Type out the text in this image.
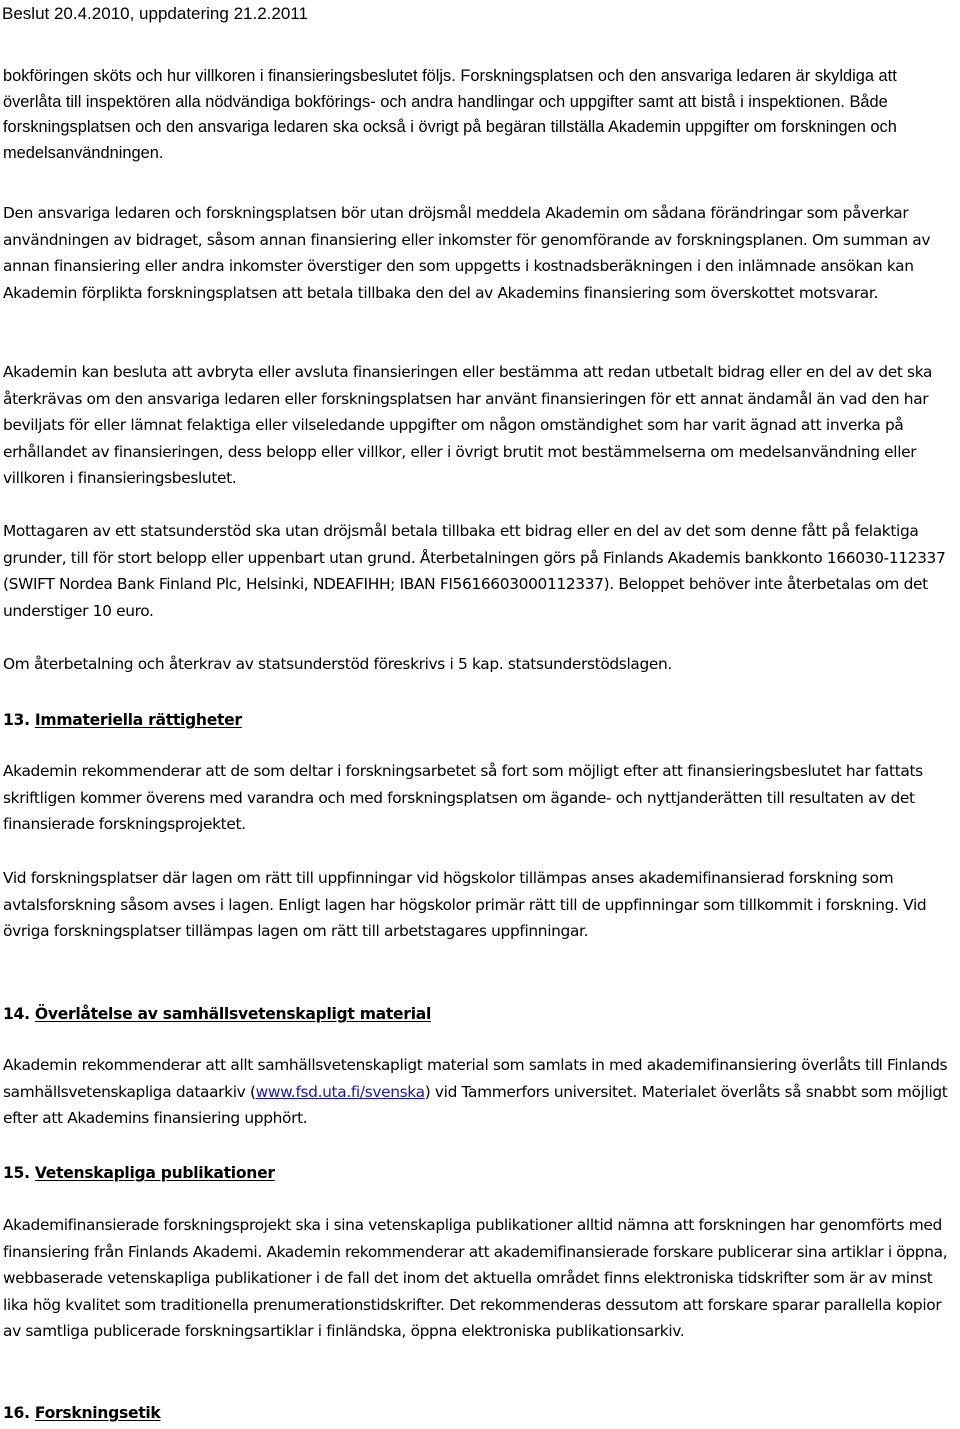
Beslut 20.4.2010, uppdatering 21.2.2011
bokföringen sköts och hur villkoren i finansieringsbeslutet följs. Forskningsplatsen och den ansvariga ledaren är skyldiga att överlåta till inspektören alla nödvändiga bokförings- och andra handlingar och uppgifter samt att bistå i inspektionen. Både forskningsplatsen och den ansvariga ledaren ska också i övrigt på begäran tillställa Akademin uppgifter om forskningen och medelsanvändningen.
Den ansvariga ledaren och forskningsplatsen bör utan dröjsmål meddela Akademin om sådana förändringar som påverkar användningen av bidraget, såsom annan finansiering eller inkomster för genomförande av forskningsplanen. Om summan av annan finansiering eller andra inkomster överstiger den som uppgetts i kostnadsberäkningen i den inlämnade ansökan kan Akademin förplikta forskningsplatsen att betala tillbaka den del av Akademins finansiering som överskottet motsvarar.
Akademin kan besluta att avbryta eller avsluta finansieringen eller bestämma att redan utbetalt bidrag eller en del av det ska återkrävas om den ansvariga ledaren eller forskningsplatsen har använt finansieringen för ett annat ändamål än vad den har beviljats för eller lämnat felaktiga eller vilseledande uppgifter om någon omständighet som har varit ägnad att inverka på erhållandet av finansieringen, dess belopp eller villkor, eller i övrigt brutit mot bestämmelserna om medelsanvändning eller villkoren i finansieringsbeslutet.
Mottagaren av ett statsunderstöd ska utan dröjsmål betala tillbaka ett bidrag eller en del av det som denne fått på felaktiga grunder, till för stort belopp eller uppenbart utan grund. Återbetalningen görs på Finlands Akademis bankkonto 166030-112337 (SWIFT Nordea Bank Finland Plc, Helsinki, NDEAFIHH; IBAN FI5616603000112337). Beloppet behöver inte återbetalas om det understiger 10 euro.
Om återbetalning och återkrav av statsunderstöd föreskrivs i 5 kap. statsunderstödslagen.
13. Immateriella rättigheter
Akademin rekommenderar att de som deltar i forskningsarbetet så fort som möjligt efter att finansieringsbeslutet har fattats skriftligen kommer överens med varandra och med forskningsplatsen om ägande- och nyttjanderätten till resultaten av det finansierade forskningsprojektet.
Vid forskningsplatser där lagen om rätt till uppfinningar vid högskolor tillämpas anses akademifinansierad forskning som avtalsforskning såsom avses i lagen. Enligt lagen har högskolor primär rätt till de uppfinningar som tillkommit i forskning. Vid övriga forskningsplatser tillämpas lagen om rätt till arbetstagares uppfinningar.
14. Överlåtelse av samhällsvetenskapligt material
Akademin rekommenderar att allt samhällsvetenskapligt material som samlats in med akademifinansiering överlåts till Finlands samhällsvetenskapliga dataarkiv (www.fsd.uta.fi/svenska) vid Tammerfors universitet. Materialet överlåts så snabbt som möjligt efter att Akademins finansiering upphört.
15. Vetenskapliga publikationer
Akademifinansierade forskningsprojekt ska i sina vetenskapliga publikationer alltid nämna att forskningen har genomförts med finansiering från Finlands Akademi. Akademin rekommenderar att akademifinansierade forskare publicerar sina artiklar i öppna, webbaserade vetenskapliga publikationer i de fall det inom det aktuella området finns elektroniska tidskrifter som är av minst lika hög kvalitet som traditionella prenumerationstidskrifter. Det rekommenderas dessutom att forskare sparar parallella kopior av samtliga publicerade forskningsartiklar i finländska, öppna elektroniska publikationsarkiv.
16. Forskningsetik
